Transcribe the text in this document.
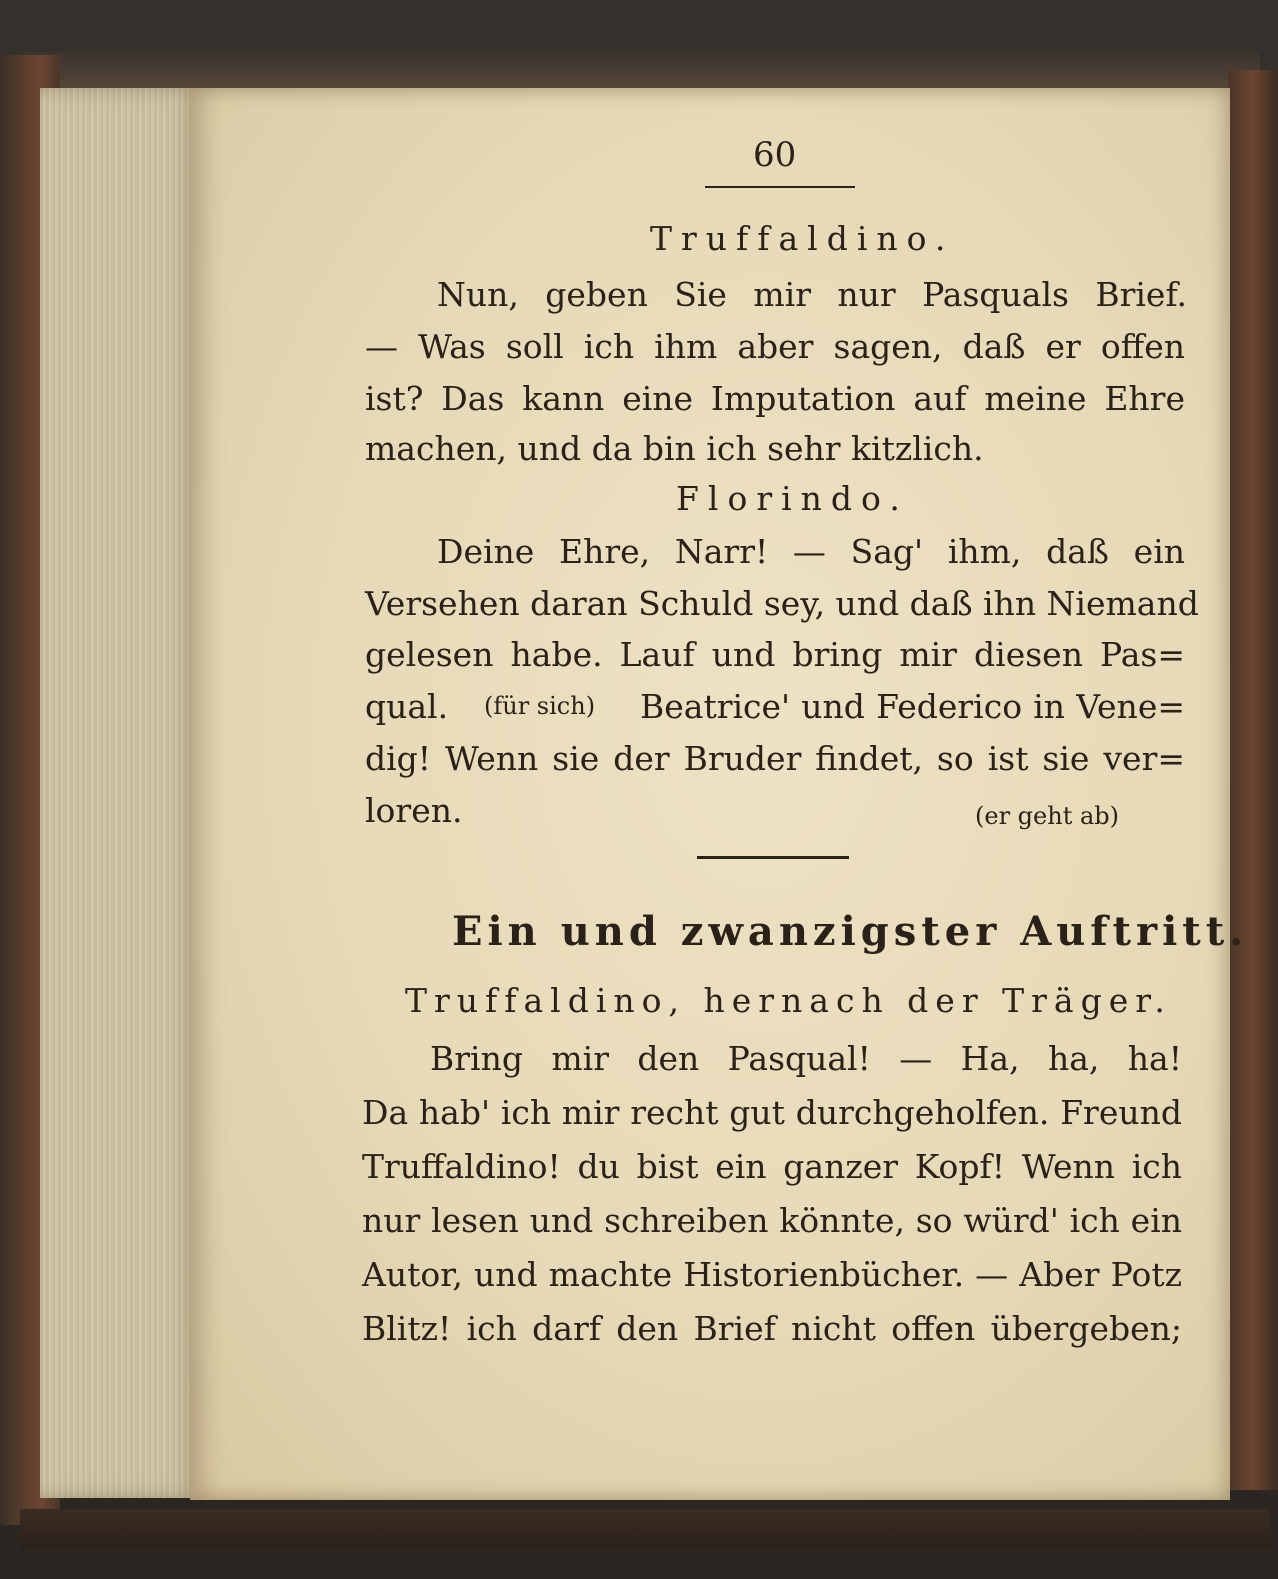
60
Truffaldino.
Nun, geben Sie mir nur Pasquals Brief.
— Was soll ich ihm aber sagen, daß er offen
ist? Das kann eine Imputation auf meine Ehre
machen, und da bin ich sehr kitzlich.
Florindo.
Deine Ehre, Narr! — Sag' ihm, daß ein
Versehen daran Schuld sey, und daß ihn Niemand
gelesen habe. Lauf und bring mir diesen Pas=
qual. (für sich) Beatrice' und Federico in Vene=
dig! Wenn sie der Bruder findet, so ist sie ver=
loren.	(er geht ab)
Ein und zwanzigster Auftritt.
Truffaldino, hernach der Träger.
Bring mir den Pasqual! — Ha, ha, ha!
Da hab' ich mir recht gut durchgeholfen. Freund
Truffaldino! du bist ein ganzer Kopf! Wenn ich
nur lesen und schreiben könnte, so würd' ich ein
Autor, und machte Historienbücher. — Aber Potz
Blitz! ich darf den Brief nicht offen übergeben;
